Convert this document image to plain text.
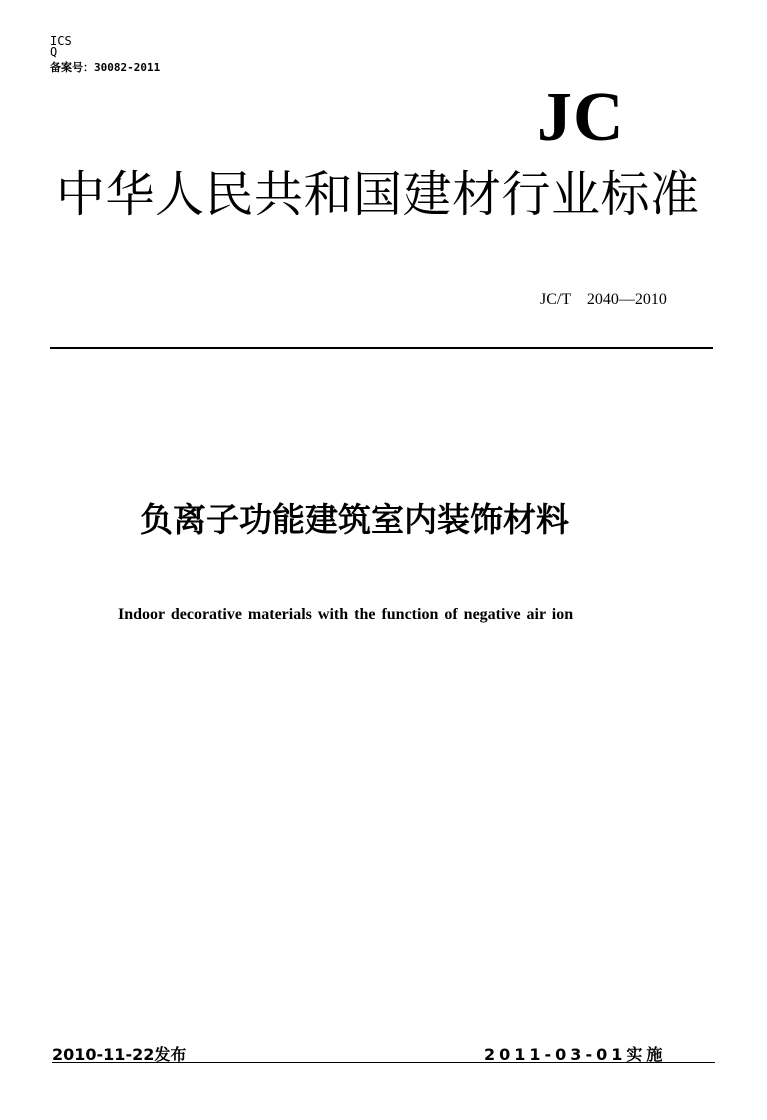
ICS
Q
备案号：30082-2011
JC
中华人民共和国建材行业标准
JC/T　2040—2010
负离子功能建筑室内装饰材料
Indoor decorative materials with the function of negative air ion
2010-11-22发布	2011-03-01实施
